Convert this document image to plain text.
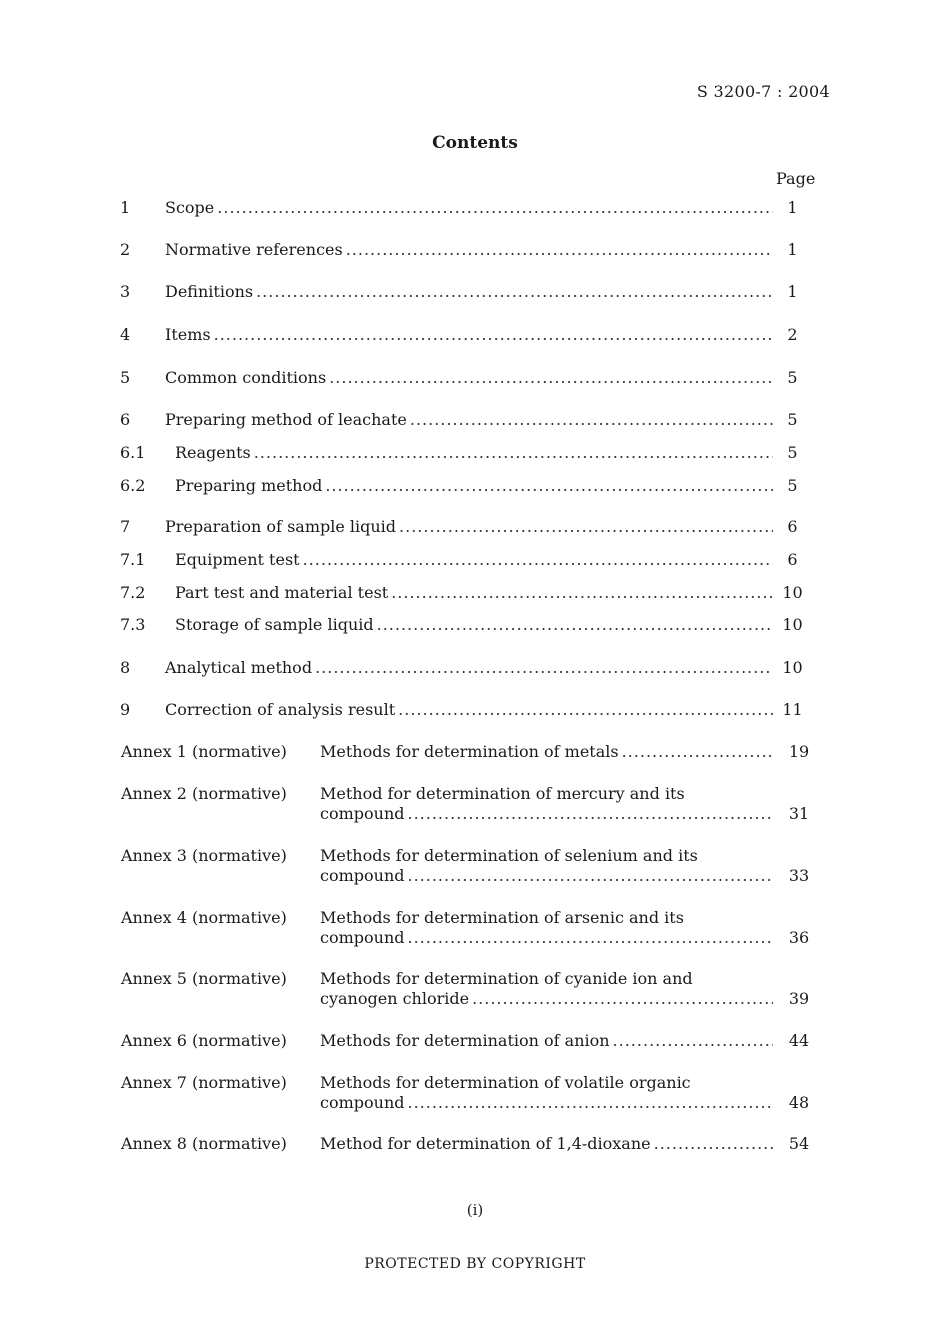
S 3200-7 : 2004
Contents
Page
1 Scope .....	1
2 Normative references .....	1
3 Definitions .....	1
4 Items .....	2
5 Common conditions .....	5
6 Preparing method of leachate .....	5
6.1 Reagents .....	5
6.2 Preparing method .....	5
7 Preparation of sample liquid .....	6
7.1 Equipment test .....	6
7.2 Part test and material test .....	10
7.3 Storage of sample liquid .....	10
8 Analytical method .....	10
9 Correction of analysis result .....	11
Annex 1 (normative) Methods for determination of metals .....	19
Annex 2 (normative) Method for determination of mercury and its
compound .....	31
Annex 3 (normative) Methods for determination of selenium and its
compound .....	33
Annex 4 (normative) Methods for determination of arsenic and its
compound .....	36
Annex 5 (normative) Methods for determination of cyanide ion and
cyanogen chloride .....	39
Annex 6 (normative) Methods for determination of anion .....	44
Annex 7 (normative) Methods for determination of volatile organic
compound .....	48
Annex 8 (normative) Method for determination of 1,4-dioxane .....	54
(i)
PROTECTED BY COPYRIGHT
